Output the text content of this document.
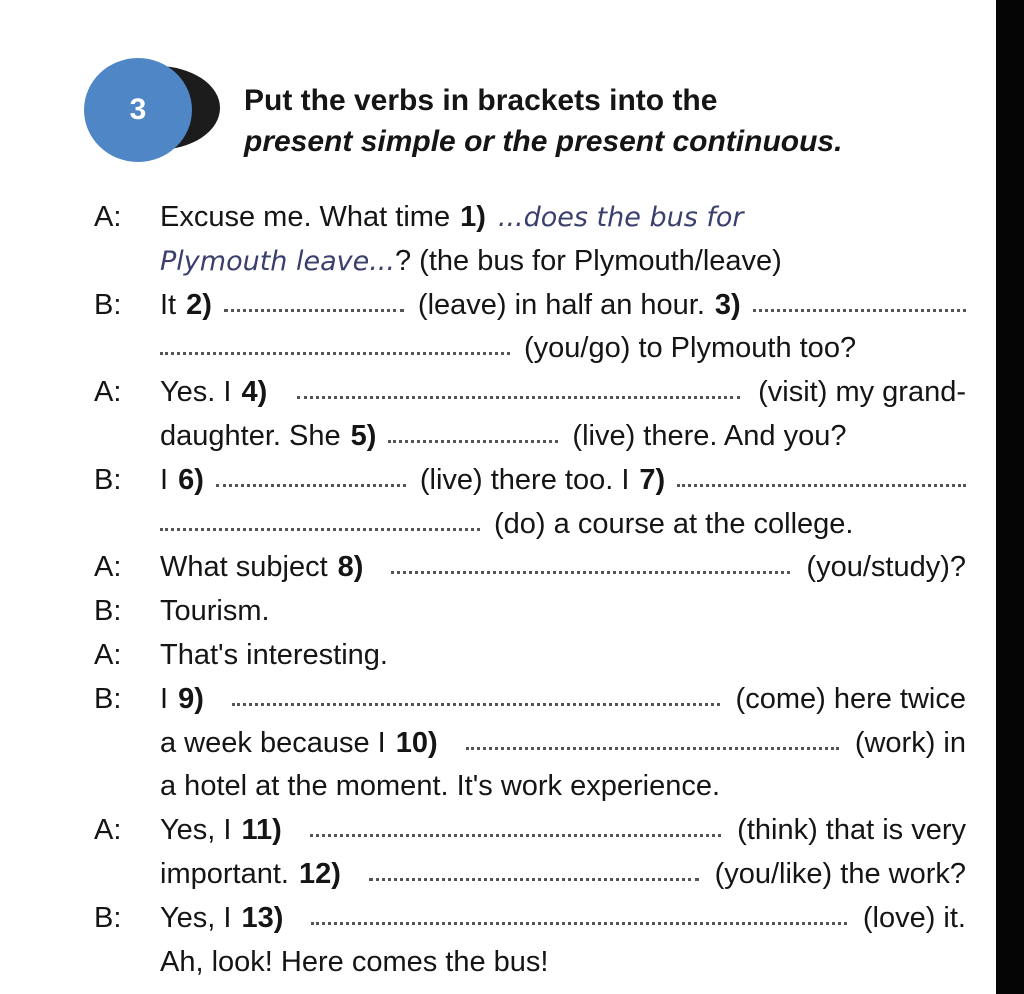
3	Put the verbs in brackets into the
present simple or the present continuous.
A:	Excuse me. What time 1) ...does the bus for
Plymouth leave... ? (the bus for Plymouth/leave)
B:	It 2)	(leave) in half an hour. 3)
(you/go) to Plymouth too?
A:	Yes. I 4)	(visit) my grand-
daughter. She 5)	(live) there. And you?
B:	I 6)	(live) there too. I 7)
(do) a course at the college.
A:	What subject 8)	(you/study)?
B:	Tourism.
A:	That's interesting.
B:	I 9)	(come) here twice
a week because I 10)	(work) in
a hotel at the moment. It's work experience.
A:	Yes, I 11)	(think) that is very
important. 12)	(you/like) the work?
B:	Yes, I 13)	(love) it.
Ah, look! Here comes the bus!
